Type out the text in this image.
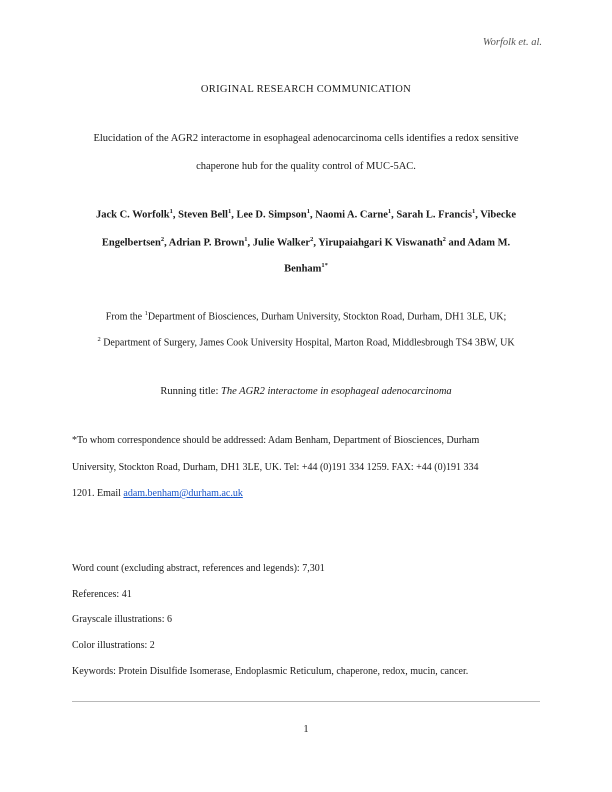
Worfolk et. al.
ORIGINAL RESEARCH COMMUNICATION
Elucidation of the AGR2 interactome in esophageal adenocarcinoma cells identifies a redox sensitive
chaperone hub for the quality control of MUC-5AC.
Jack C. Worfolk$^1$, Steven Bell$^1$, Lee D. Simpson$^1$, Naomi A. Carne$^1$, Sarah L. Francis$^1$, Vibecke
Engelbertsen$^2$, Adrian P. Brown$^1$, Julie Walker$^2$, Yirupaiahgari K Viswanath$^2$ and Adam M.
Benham$^{1*}$
From the $^1$Department of Biosciences, Durham University, Stockton Road, Durham, DH1 3LE, UK;
$^2$ Department of Surgery, James Cook University Hospital, Marton Road, Middlesbrough TS4 3BW, UK
Running title: The AGR2 interactome in esophageal adenocarcinoma
*To whom correspondence should be addressed: Adam Benham, Department of Biosciences, Durham
University, Stockton Road, Durham, DH1 3LE, UK. Tel: +44 (0)191 334 1259. FAX: +44 (0)191 334
1201. Email adam.benham@durham.ac.uk
Word count (excluding abstract, references and legends): 7,301
References: 41
Grayscale illustrations: 6
Color illustrations: 2
Keywords: Protein Disulfide Isomerase, Endoplasmic Reticulum, chaperone, redox, mucin, cancer.
1
